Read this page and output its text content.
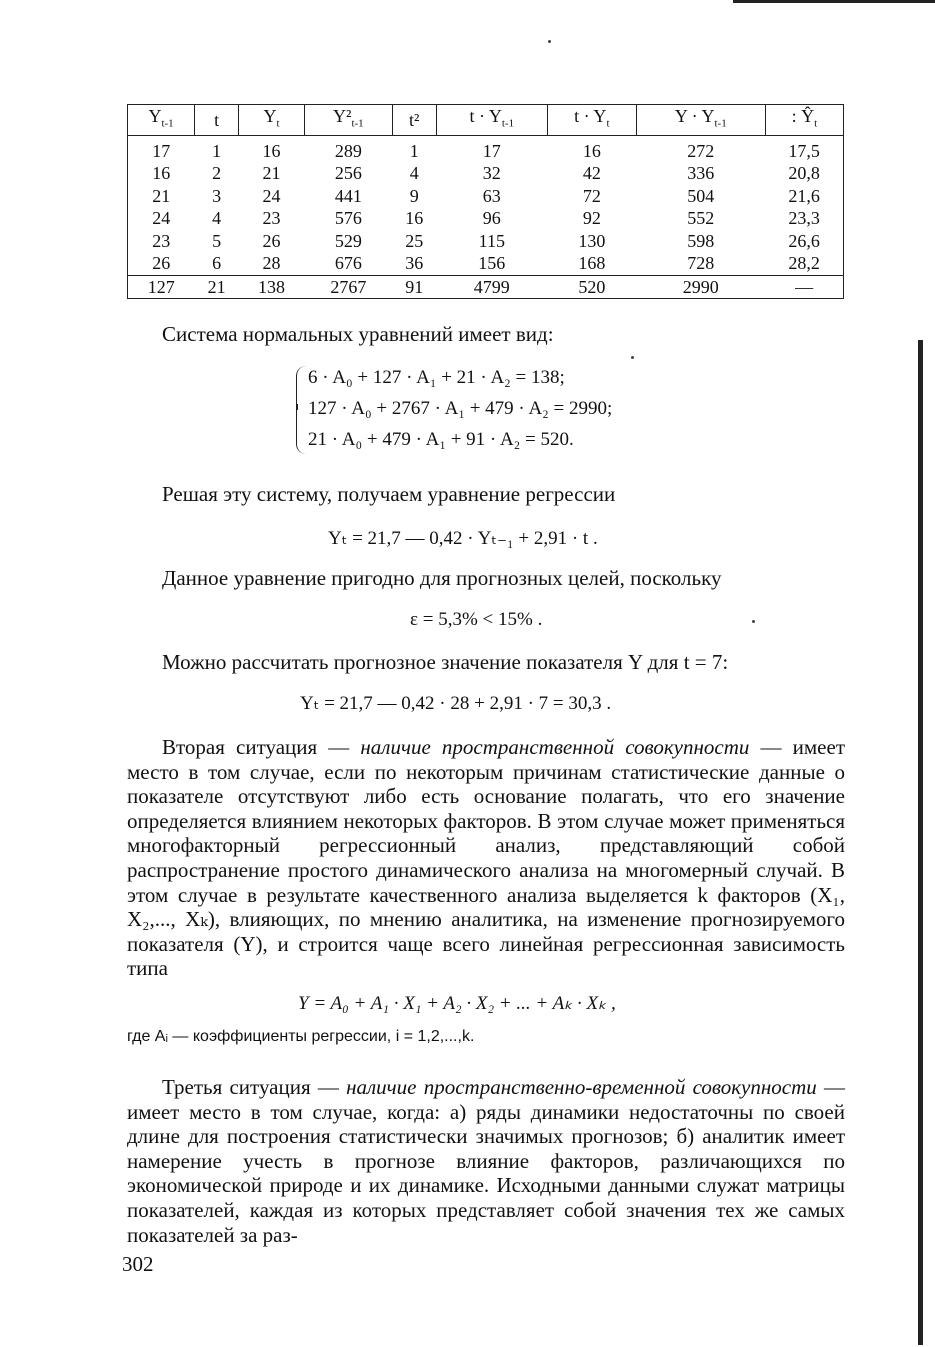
$Y_{t-1}$	t	$Y_t$	$Y^2_{t-1}$	t²	$t \cdot Y_{t-1}$	$t \cdot Y_t$	$Y \cdot Y_{t-1}$	: $Ŷ_t$
17	1	16	289	1	17	16	272	17,5
16	2	21	256	4	32	42	336	20,8
21	3	24	441	9	63	72	504	21,6
24	4	23	576	16	96	92	552	23,3
23	5	26	529	25	115	130	598	26,6
26	6	28	676	36	156	168	728	28,2
127	21	138	2767	91	4799	520	2990	—
Система нормальных уравнений имеет вид:
6 · A₀ + 127 · A₁ + 21 · A₂ = 138;
127 · A₀ + 2767 · A₁ + 479 · A₂ = 2990;
21 · A₀ + 479 · A₁ + 91 · A₂ = 520.
Решая эту систему, получаем уравнение регрессии
Yₜ = 21,7 — 0,42 · Yₜ₋₁ + 2,91 · t .
Данное уравнение пригодно для прогнозных целей, поскольку
ε = 5,3% < 15% .
Можно рассчитать прогнозное значение показателя Y для t = 7:
Yₜ = 21,7 — 0,42 · 28 + 2,91 · 7 = 30,3 .
Вторая ситуация — наличие пространственной совокупности — имеет место в том случае, если по некоторым причинам статистические данные о показателе отсутствуют либо есть основание полагать, что его значение определяется влиянием некоторых факторов. В этом случае может применяться многофакторный регрессионный анализ, представляющий собой распространение простого динамического анализа на многомерный случай. В этом случае в результате качественного анализа выделяется k факторов (X₁, X₂,..., Xₖ), влияющих, по мнению аналитика, на изменение прогнозируемого показателя (Y), и строится чаще всего линейная регрессионная зависимость типа
Y = A₀ + A₁ · X₁ + A₂ · X₂ + ... + Aₖ · Xₖ ,
где Aᵢ — коэффициенты регрессии, i = 1,2,...,k.
Третья ситуация — наличие пространственно-временной совокупности — имеет место в том случае, когда: а) ряды динамики недостаточны по своей длине для построения статистически значимых прогнозов; б) аналитик имеет намерение учесть в прогнозе влияние факторов, различающихся по экономической природе и их динамике. Исходными данными служат матрицы показателей, каждая из которых представляет собой значения тех же самых показателей за раз-
302
